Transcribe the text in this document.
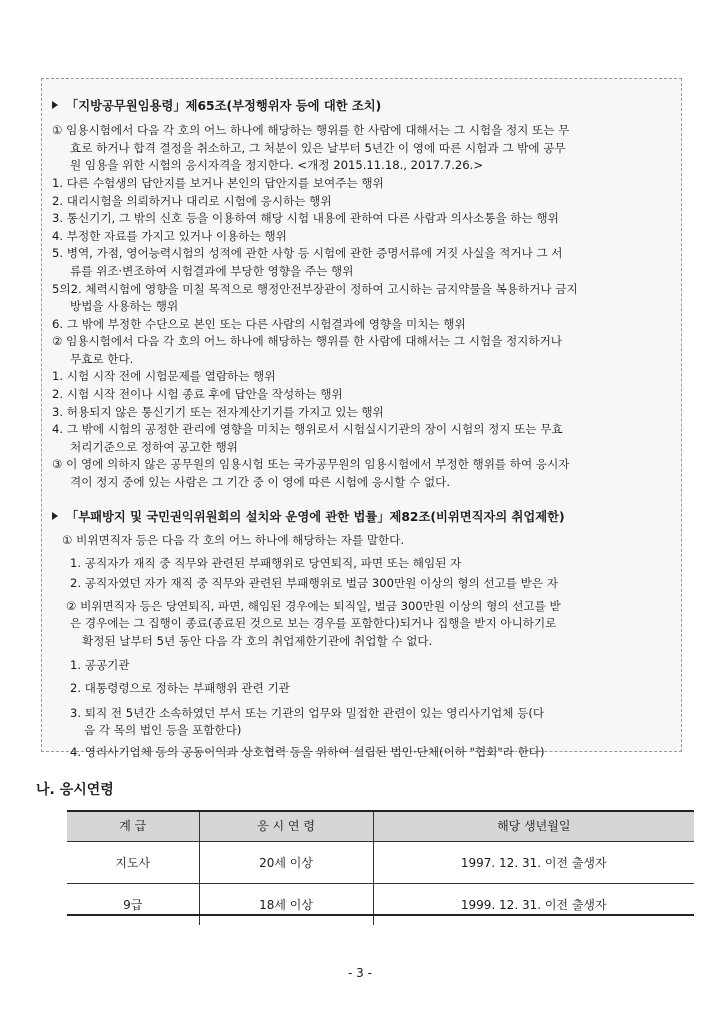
「지방공무원임용령」제65조(부정행위자 등에 대한 조치)
① 임용시험에서 다음 각 호의 어느 하나에 해당하는 행위를 한 사람에 대해서는 그 시험을 정지 또는 무
효로 하거나 합격 결정을 취소하고, 그 처분이 있은 날부터 5년간 이 영에 따른 시험과 그 밖에 공무
원 임용을 위한 시험의 응시자격을 정지한다. <개정 2015.11.18., 2017.7.26.>
1. 다른 수험생의 답안지를 보거나 본인의 답안지를 보여주는 행위
2. 대리시험을 의뢰하거나 대리로 시험에 응시하는 행위
3. 통신기기, 그 밖의 신호 등을 이용하여 해당 시험 내용에 관하여 다른 사람과 의사소통을 하는 행위
4. 부정한 자료를 가지고 있거나 이용하는 행위
5. 병역, 가점, 영어능력시험의 성적에 관한 사항 등 시험에 관한 증명서류에 거짓 사실을 적거나 그 서
류를 위조·변조하여 시험결과에 부당한 영향을 주는 행위
5의2. 체력시험에 영향을 미칠 목적으로 행정안전부장관이 정하여 고시하는 금지약물을 복용하거나 금지
방법을 사용하는 행위
6. 그 밖에 부정한 수단으로 본인 또는 다른 사람의 시험결과에 영향을 미치는 행위
② 임용시험에서 다음 각 호의 어느 하나에 해당하는 행위를 한 사람에 대해서는 그 시험을 정지하거나
무효로 한다.
1. 시험 시작 전에 시험문제를 열람하는 행위
2. 시험 시작 전이나 시험 종료 후에 답안을 작성하는 행위
3. 허용되지 않은 통신기기 또는 전자계산기기를 가지고 있는 행위
4. 그 밖에 시험의 공정한 관리에 영향을 미치는 행위로서 시험실시기관의 장이 시험의 정지 또는 무효
처리기준으로 정하여 공고한 행위
③ 이 영에 의하지 않은 공무원의 임용시험 또는 국가공무원의 임용시험에서 부정한 행위를 하여 응시자
격이 정지 중에 있는 사람은 그 기간 중 이 영에 따른 시험에 응시할 수 없다.
「부패방지 및 국민권익위원회의 설치와 운영에 관한 법률」제82조(비위면직자의 취업제한)
① 비위면직자 등은 다음 각 호의 어느 하나에 해당하는 자를 말한다.
1. 공직자가 재직 중 직무와 관련된 부패행위로 당연퇴직, 파면 또는 해임된 자
2. 공직자였던 자가 재직 중 직무와 관련된 부패행위로 벌금 300만원 이상의 형의 선고를 받은 자
② 비위면직자 등은 당연퇴직, 파면, 해임된 경우에는 퇴직일, 벌금 300만원 이상의 형의 선고를 받
은 경우에는 그 집행이 종료(종료된 것으로 보는 경우를 포함한다)되거나 집행을 받지 아니하기로
확정된 날부터 5년 동안 다음 각 호의 취업제한기관에 취업할 수 없다.
1. 공공기관
2. 대통령령으로 정하는 부패행위 관련 기관
3. 퇴직 전 5년간 소속하였던 부서 또는 기관의 업무와 밀접한 관련이 있는 영리사기업체 등(다
음 각 목의 법인 등을 포함한다)
4. 영리사기업체 등의 공동이익과 상호협력 등을 위하여 설립된 법인·단체(이하 "협회"라 한다)
나. 응시연령
계 급	응 시 연 령	해당 생년월일
지도사	20세 이상	1997. 12. 31. 이전 출생자
9급	18세 이상	1999. 12. 31. 이전 출생자
- 3 -
